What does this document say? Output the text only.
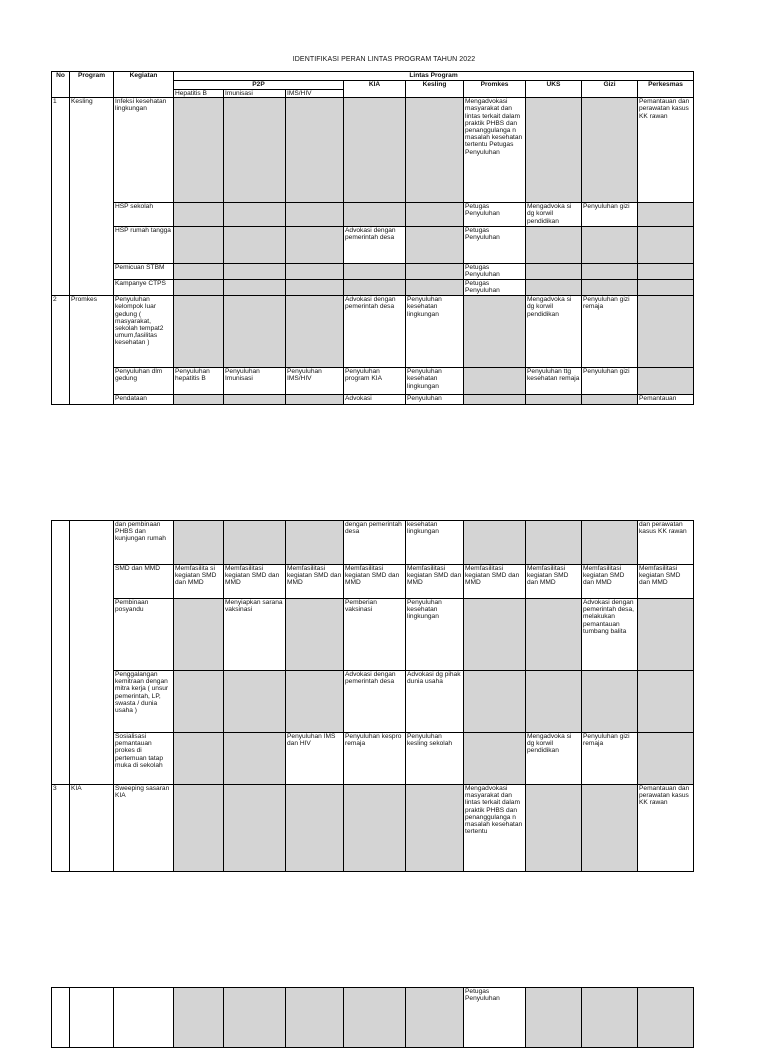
IDENTIFIKASI PERAN LINTAS PROGRAM TAHUN 2022
No	Program	Kegiatan	Lintas Program								
			P2P			KIA	Kesling	Promkes	UKS	Gizi	Perkesmas
			Hepatitis B	Imunisasi	IMS/HIV						
1	Kesling	Infeksi kesehatan lingkungan						Mengadvokasi masyarakat dan lintas terkait dalam praktik PHBS dan penanggulanga n masalah kesehatan tertentu Petugas Penyuluhan			Pemantauan dan perawatan kasus KK rawan
		HSP sekolah						Petugas Penyuluhan	Mengadvoka si dg korwil pendidikan	Penyuluhan gizi	
		HSP rumah tangga				Advokasi dengan pemerintah desa		Petugas Penyuluhan			
		Pemicuan STBM						Petugas Penyuluhan			
		Kampanye CTPS						Petugas Penyuluhan			
2	Promkes	Penyuluhan kelompok luar gedung ( masyarakat, sekolah tempat2 umum,fasilitas kesehatan )				Advokasi dengan pemerintah desa	Penyuluhan kesehatan lingkungan		Mengadvoka si dg korwil pendidikan	Penyuluhan gizi remaja	
		Penyuluhan dlm gedung	Penyuluhan hepatitis B	Penyuluhan Imunisasi	Penyuluhan IMS/HIV	Penyuluhan program KIA	Penyuluhan kesehatan lingkungan		Penyuluhan ttg kesehatan remaja	Penyuluhan gizi	
		Pendataan				Advokasi	Penyuluhan				Pemantauan
		dan pembinaan PHBS dan kunjungan rumah				dengan pemerintah desa	kesehatan lingkungan				dan perawatan kasus KK rawan
		SMD dan MMD	Memfasilita si kegiatan SMD dan MMD	Memfasilitasi kegiatan SMD dan MMD	Memfasilitasi kegiatan SMD dan MMD	Memfasilitasi kegiatan SMD dan MMD	Memfasilitasi kegiatan SMD dan MMD	Memfasilitasi kegiatan SMD dan MMD	Memfasilitasi kegiatan SMD dan MMD	Memfasilitasi kegiatan SMD dan MMD	Memfasilitasi kegiatan SMD dan MMD
		Pembinaan posyandu		Menyiapkan sarana vaksinasi		Pemberian vaksinasi	Penyuluhan kesehatan lingkungan			Advokasi dengan pemerintah desa, melakukan pemantauan tumbang balita	
		Penggalangan kemitraan dengan mitra kerja ( unsur pemerintah, LP, swasta / dunia usaha )				Advokasi dengan pemerintah desa	Advokasi dg pihak dunia usaha				
		Sosialisasi pemantauan prokes di pertemuan tatap muka di sekolah			Penyuluhan IMS dan HIV	Penyuluhan kespro remaja	Penyuluhan kesling sekolah		Mengadvoka si dg korwil pendidikan	Penyuluhan gizi remaja	
3	KIA	Sweeping sasaran KIA						Mengadvokasi masyarakat dan lintas terkait dalam praktik PHBS dan penanggulanga n masalah kesehatan tertentu			Pemantauan dan perawatan kasus KK rawan
								Petugas Penyuluhan			
